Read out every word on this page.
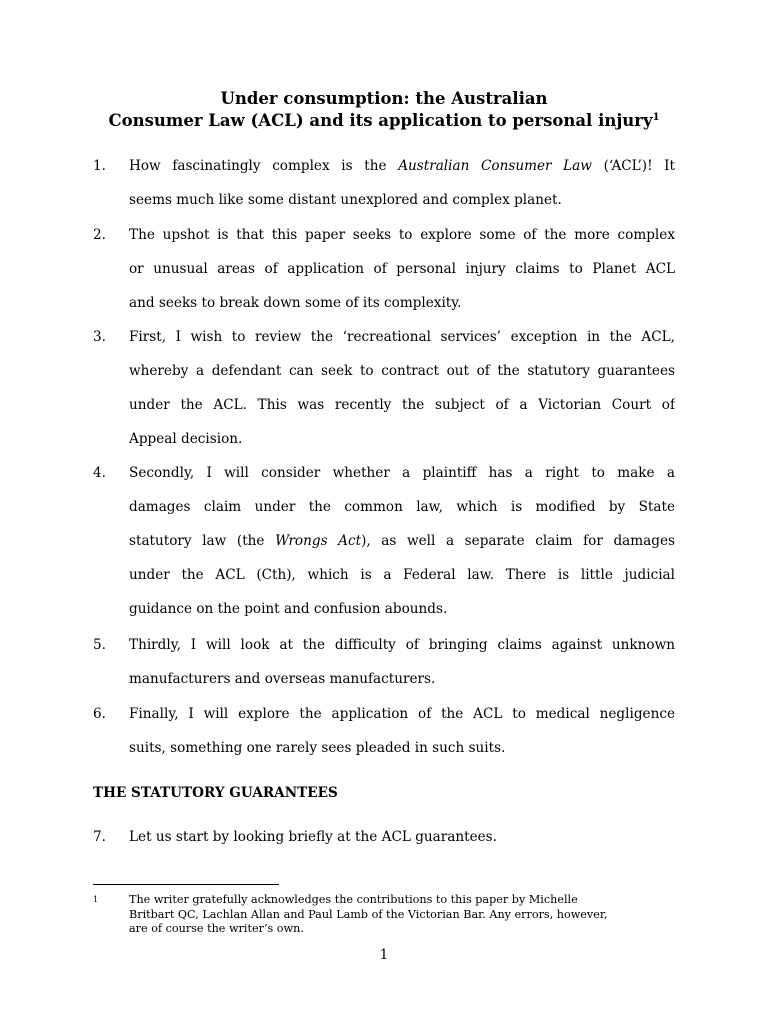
Under consumption: the Australian
Consumer Law (ACL) and its application to personal injury$^1$
1. How fascinatingly complex is the Australian Consumer Law (‘ACL’)! It
seems much like some distant unexplored and complex planet.
2. The upshot is that this paper seeks to explore some of the more complex
or unusual areas of application of personal injury claims to Planet ACL
and seeks to break down some of its complexity.
3. First, I wish to review the ‘recreational services’ exception in the ACL,
whereby a defendant can seek to contract out of the statutory guarantees
under the ACL. This was recently the subject of a Victorian Court of
Appeal decision.
4. Secondly, I will consider whether a plaintiff has a right to make a
damages claim under the common law, which is modified by State
statutory law (the Wrongs Act), as well a separate claim for damages
under the ACL (Cth), which is a Federal law. There is little judicial
guidance on the point and confusion abounds.
5. Thirdly, I will look at the difficulty of bringing claims against unknown
manufacturers and overseas manufacturers.
6. Finally, I will explore the application of the ACL to medical negligence
suits, something one rarely sees pleaded in such suits.
THE STATUTORY GUARANTEES
7. Let us start by looking briefly at the ACL guarantees.
1	The writer gratefully acknowledges the contributions to this paper by Michelle
Britbart QC, Lachlan Allan and Paul Lamb of the Victorian Bar. Any errors, however,
are of course the writer’s own.
1
